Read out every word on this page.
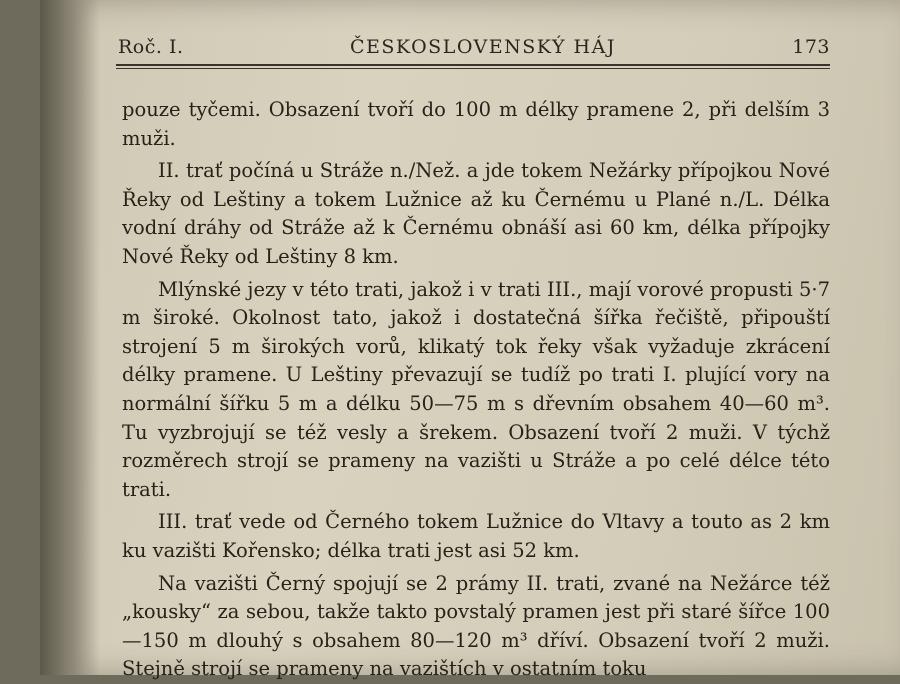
Roč. I.	ČESKOSLOVENSKÝ HÁJ	173

pouze tyčemi. Obsazení tvoří do 100 m délky pramene 2, při delším 3 muži.

II. trať počíná u Stráže n./Než. a jde tokem Nežárky přípojkou Nové Řeky od Leštiny a tokem Lužnice až ku Černému u Plané n./L. Délka vodní dráhy od Stráže až k Černému obnáší asi 60 km, délka přípojky Nové Řeky od Leštiny 8 km.

Mlýnské jezy v této trati, jakož i v trati III., mají vorové propusti 5·7 m široké. Okolnost tato, jakož i dostatečná šířka řečiště, připouští strojení 5 m širokých vorů, klikatý tok řeky však vyžaduje zkrácení délky pramene. U Leštiny převazují se tudíž po trati I. plující vory na normální šířku 5 m a délku 50—75 m s dřevním obsahem 40—60 m³. Tu vyzbrojují se též vesly a šrekem. Obsazení tvoří 2 muži. V týchž rozměrech strojí se prameny na vazišti u Stráže a po celé délce této trati.

III. trať vede od Černého tokem Lužnice do Vltavy a touto as 2 km ku vazišti Kořensko; délka trati jest asi 52 km.

Na vazišti Černý spojují se 2 prámy II. trati, zvané na Nežárce též „kousky“ za sebou, takže takto povstalý pramen jest při staré šířce 100—150 m dlouhý s obsahem 80—120 m³ dříví. Obsazení tvoří 2 muži. Stejně strojí se prameny na vazištích v ostatním toku
